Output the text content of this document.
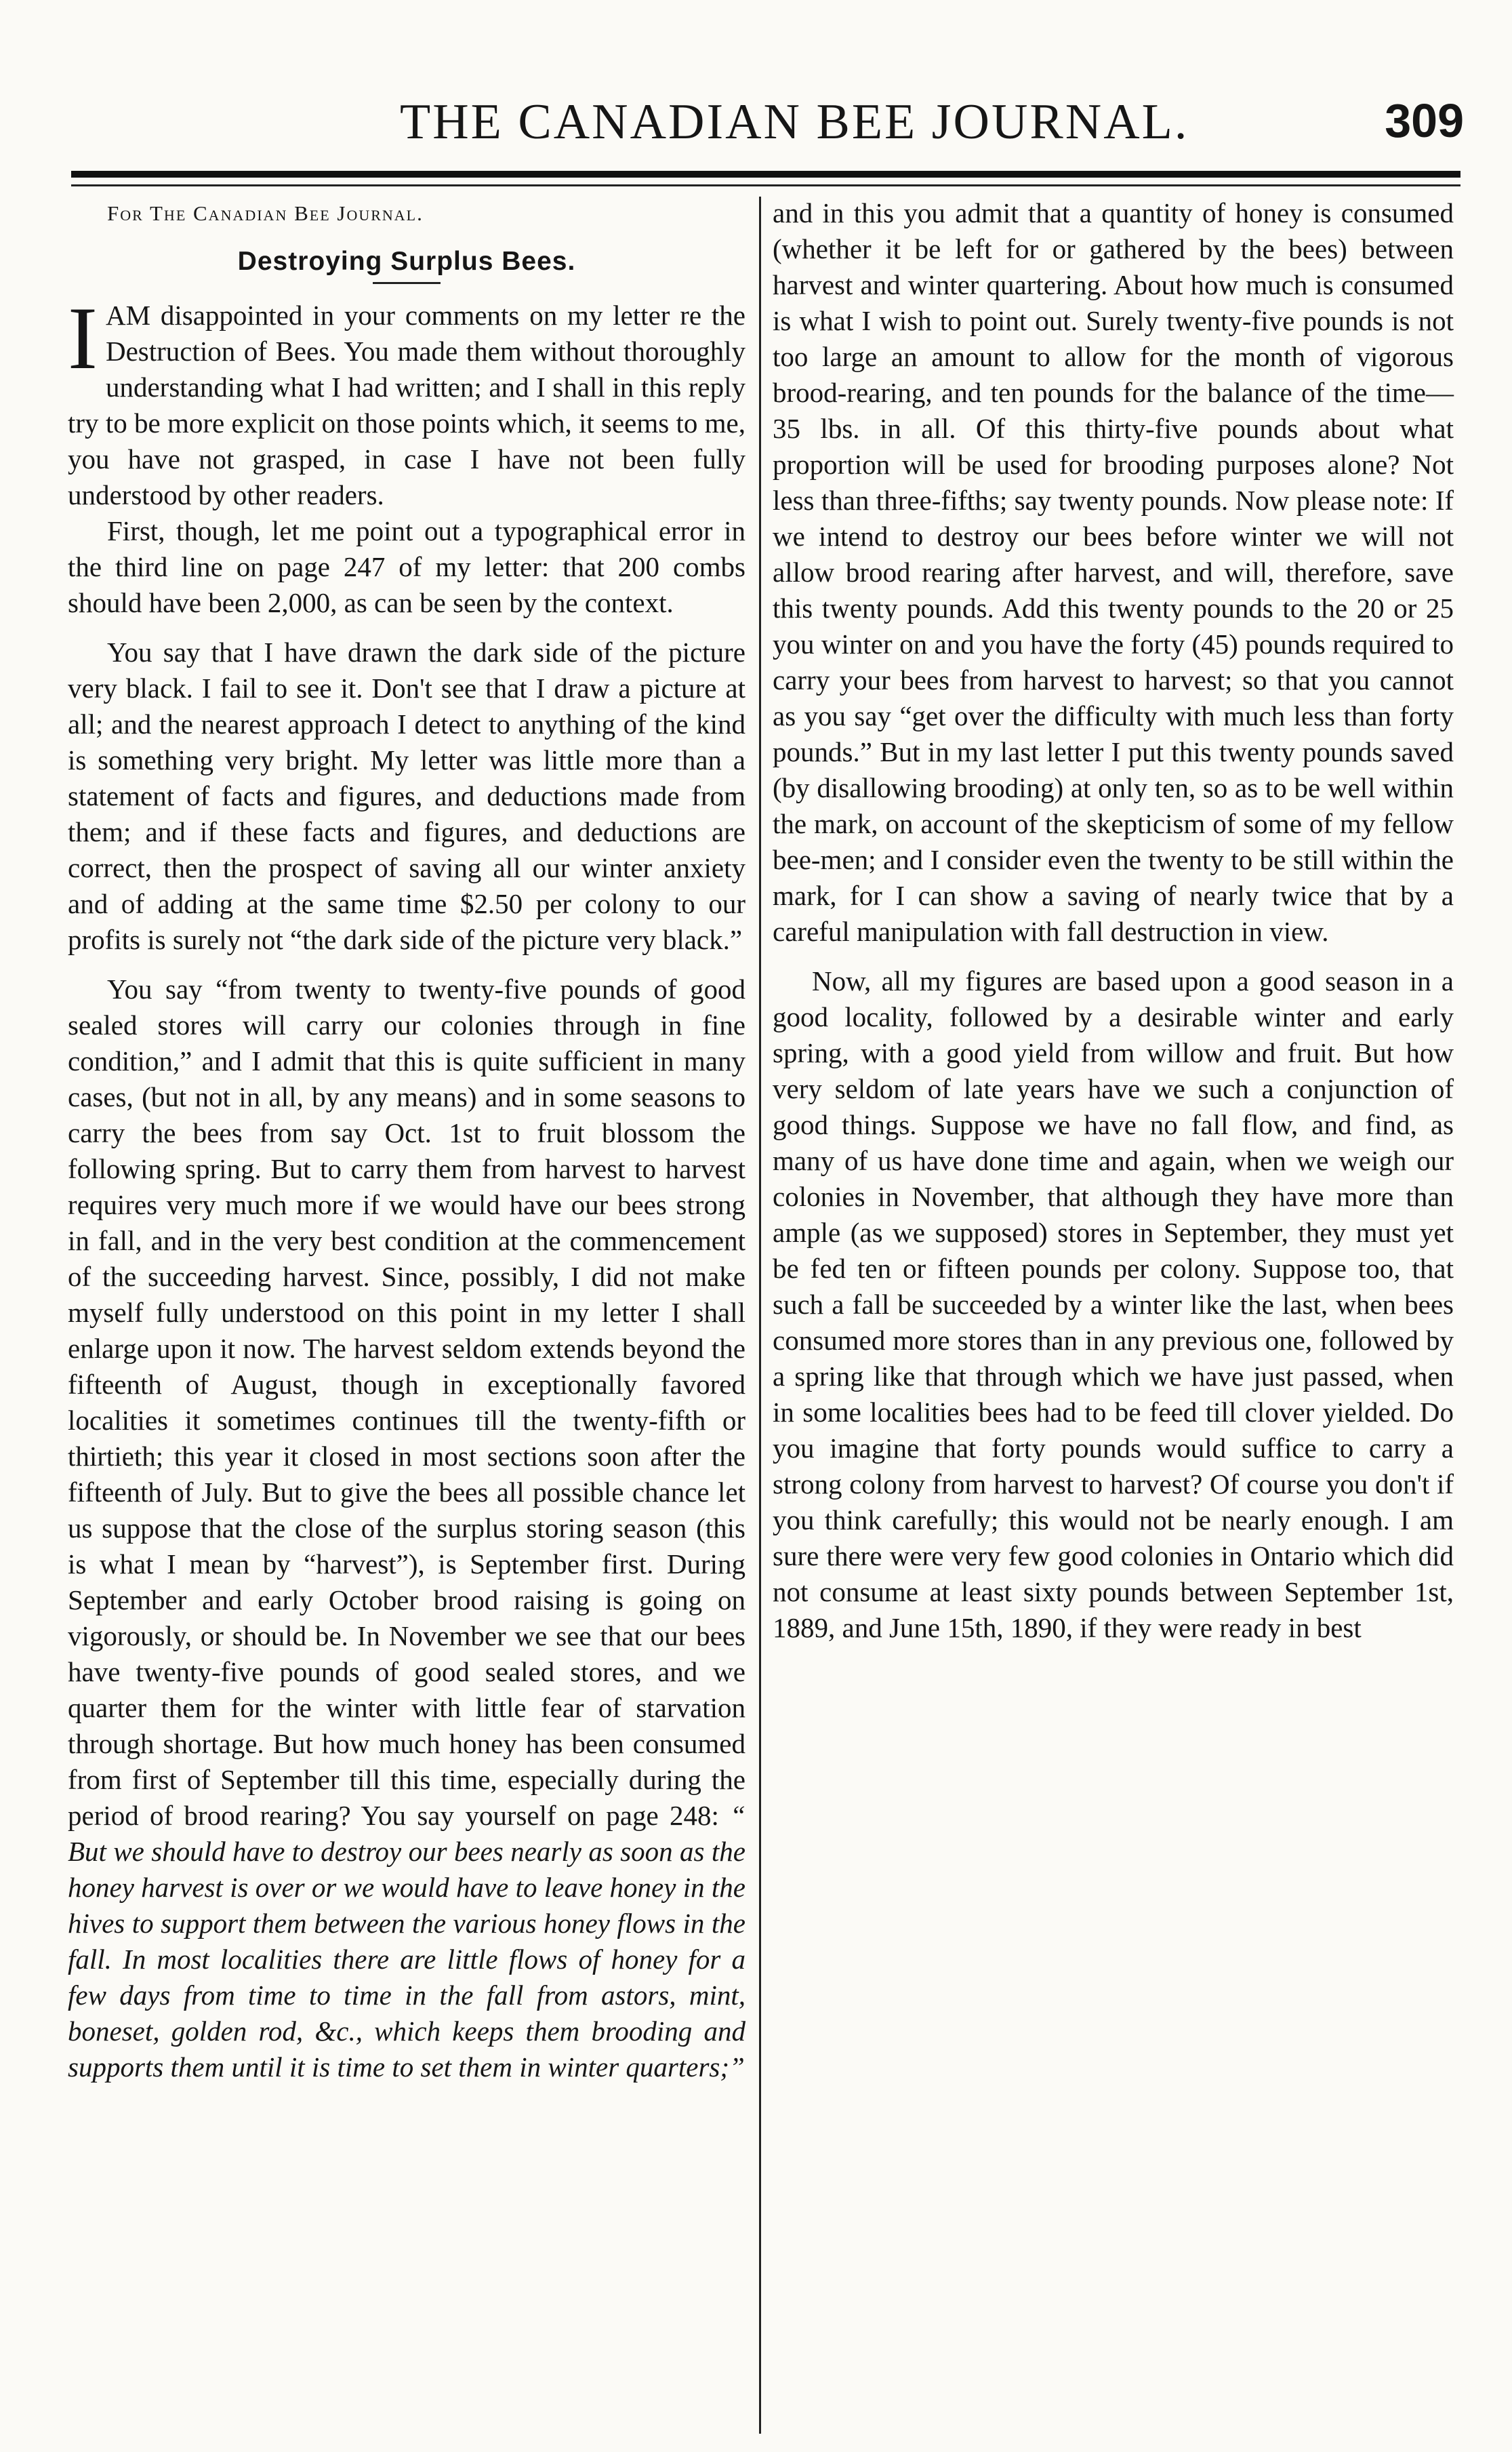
THE CANADIAN BEE JOURNAL.	309

For The Canadian Bee Journal.

Destroying Surplus Bees.

IAM disappointed in your comments on my letter re the Destruction of Bees. You made them without thoroughly understanding what I had written; and I shall in this reply try to be more explicit on those points which, it seems to me, you have not grasped, in case I have not been fully understood by other readers.

First, though, let me point out a typographical error in the third line on page 247 of my letter: that 200 combs should have been 2,000, as can be seen by the context.

You say that I have drawn the dark side of the picture very black. I fail to see it. Don't see that I draw a picture at all; and the nearest approach I detect to anything of the kind is something very bright. My letter was little more than a statement of facts and figures, and deductions made from them; and if these facts and figures, and deductions are correct, then the prospect of saving all our winter anxiety and of adding at the same time $2.50 per colony to our profits is surely not “the dark side of the picture very black.”

You say “from twenty to twenty-five pounds of good sealed stores will carry our colonies through in fine condition,” and I admit that this is quite sufficient in many cases, (but not in all, by any means) and in some seasons to carry the bees from say Oct. 1st to fruit blossom the following spring. But to carry them from harvest to harvest requires very much more if we would have our bees strong in fall, and in the very best condition at the commencement of the succeeding harvest. Since, possibly, I did not make myself fully understood on this point in my letter I shall enlarge upon it now. The harvest seldom extends beyond the fifteenth of August, though in exceptionally favored localities it sometimes continues till the twenty-fifth or thirtieth; this year it closed in most sections soon after the fifteenth of July. But to give the bees all possible chance let us suppose that the close of the surplus storing season (this is what I mean by “harvest”), is September first. During September and early October brood raising is going on vigorously, or should be. In November we see that our bees have twenty-five pounds of good sealed stores, and we quarter them for the winter with little fear of starvation through shortage. But how much honey has been consumed from first of September till this time, especially during the period of brood rearing? You say yourself on page 248: “ But we should have to destroy our bees nearly as soon as the honey harvest is over or we would have to leave honey in the hives to support them between the various honey flows in the fall. In most localities there are little flows of honey for a few days from time to time in the fall from astors, mint, boneset, golden rod, &c., which keeps them brooding and supports them until it is time to set them in winter quarters;”

and in this you admit that a quantity of honey is consumed (whether it be left for or gathered by the bees) between harvest and winter quartering. About how much is consumed is what I wish to point out. Surely twenty-five pounds is not too large an amount to allow for the month of vigorous brood-rearing, and ten pounds for the balance of the time—35 lbs. in all. Of this thirty-five pounds about what proportion will be used for brooding purposes alone? Not less than three-fifths; say twenty pounds. Now please note: If we intend to destroy our bees before winter we will not allow brood rearing after harvest, and will, therefore, save this twenty pounds. Add this twenty pounds to the 20 or 25 you winter on and you have the forty (45) pounds required to carry your bees from harvest to harvest; so that you cannot as you say “get over the difficulty with much less than forty pounds.” But in my last letter I put this twenty pounds saved (by disallowing brooding) at only ten, so as to be well within the mark, on account of the skepticism of some of my fellow bee-men; and I consider even the twenty to be still within the mark, for I can show a saving of nearly twice that by a careful manipulation with fall destruction in view.

Now, all my figures are based upon a good season in a good locality, followed by a desirable winter and early spring, with a good yield from willow and fruit. But how very seldom of late years have we such a conjunction of good things. Suppose we have no fall flow, and find, as many of us have done time and again, when we weigh our colonies in November, that although they have more than ample (as we supposed) stores in September, they must yet be fed ten or fifteen pounds per colony. Suppose too, that such a fall be succeeded by a winter like the last, when bees consumed more stores than in any previous one, followed by a spring like that through which we have just passed, when in some localities bees had to be feed till clover yielded. Do you imagine that forty pounds would suffice to carry a strong colony from harvest to harvest? Of course you don't if you think carefully; this would not be nearly enough. I am sure there were very few good colonies in Ontario which did not consume at least sixty pounds between September 1st, 1889, and June 15th, 1890, if they were ready in best
